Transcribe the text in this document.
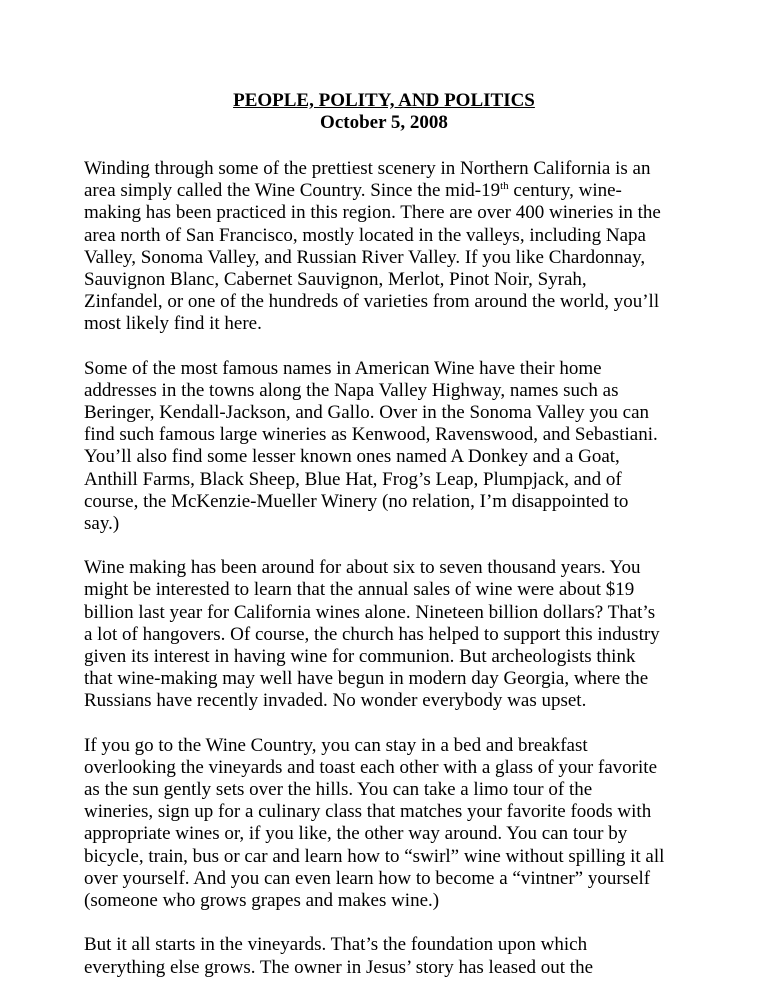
PEOPLE, POLITY, AND POLITICS
October 5, 2008

Winding through some of the prettiest scenery in Northern California is an
area simply called the Wine Country. Since the mid-19th century, wine-
making has been practiced in this region. There are over 400 wineries in the
area north of San Francisco, mostly located in the valleys, including Napa
Valley, Sonoma Valley, and Russian River Valley. If you like Chardonnay,
Sauvignon Blanc, Cabernet Sauvignon, Merlot, Pinot Noir, Syrah,
Zinfandel, or one of the hundreds of varieties from around the world, you’ll
most likely find it here.

Some of the most famous names in American Wine have their home
addresses in the towns along the Napa Valley Highway, names such as
Beringer, Kendall-Jackson, and Gallo. Over in the Sonoma Valley you can
find such famous large wineries as Kenwood, Ravenswood, and Sebastiani.
You’ll also find some lesser known ones named A Donkey and a Goat,
Anthill Farms, Black Sheep, Blue Hat, Frog’s Leap, Plumpjack, and of
course, the McKenzie-Mueller Winery (no relation, I’m disappointed to
say.)

Wine making has been around for about six to seven thousand years. You
might be interested to learn that the annual sales of wine were about $19
billion last year for California wines alone. Nineteen billion dollars? That’s
a lot of hangovers. Of course, the church has helped to support this industry
given its interest in having wine for communion. But archeologists think
that wine-making may well have begun in modern day Georgia, where the
Russians have recently invaded. No wonder everybody was upset.

If you go to the Wine Country, you can stay in a bed and breakfast
overlooking the vineyards and toast each other with a glass of your favorite
as the sun gently sets over the hills. You can take a limo tour of the
wineries, sign up for a culinary class that matches your favorite foods with
appropriate wines or, if you like, the other way around. You can tour by
bicycle, train, bus or car and learn how to “swirl” wine without spilling it all
over yourself. And you can even learn how to become a “vintner” yourself
(someone who grows grapes and makes wine.)

But it all starts in the vineyards. That’s the foundation upon which
everything else grows. The owner in Jesus’ story has leased out the
